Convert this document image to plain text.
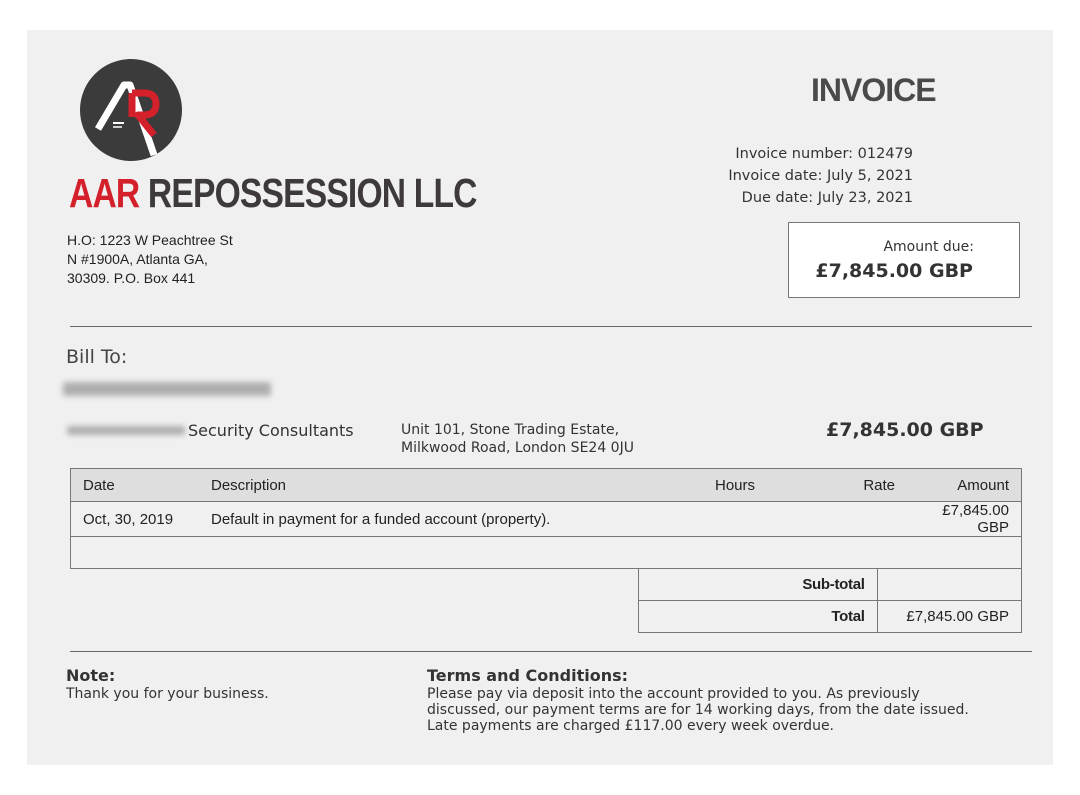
AAR REPOSSESSION LLC
H.O: 1223 W Peachtree St
N #1900A, Atlanta GA,
30309. P.O. Box 441
INVOICE
Invoice number: 012479
Invoice date: July 5, 2021
Due date: July 23, 2021
Amount due:
£7,845.00 GBP
Bill To:
Security Consultants	Unit 101, Stone Trading Estate,
Milkwood Road, London SE24 0JU
£7,845.00 GBP
Date	Description	Hours	Rate	Amount
Oct, 30, 2019	Default in payment for a funded account (property).			£7,845.00 GBP

Sub-total	
Total	£7,845.00 GBP
Note:
Thank you for your business.
Terms and Conditions:
Please pay via deposit into the account provided to you. As previously
discussed, our payment terms are for 14 working days, from the date issued.
Late payments are charged £117.00 every week overdue.
